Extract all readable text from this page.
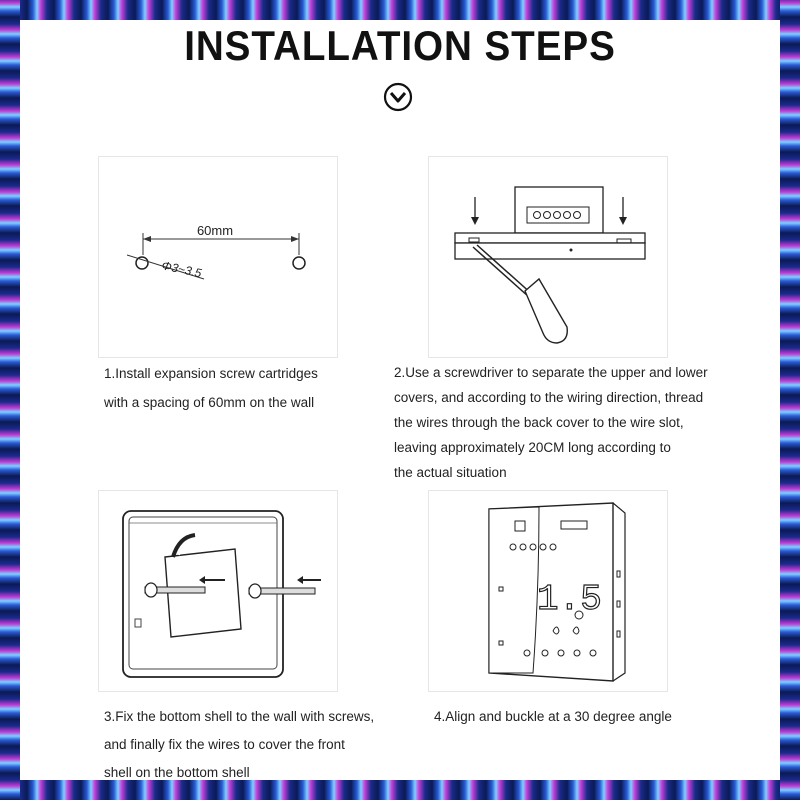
INSTALLATION STEPS
60mm
Φ3~3.5
1.5
1.Install expansion screw cartridges
with a spacing of 60mm on the wall
2.Use a screwdriver to separate the upper and lower
covers, and according to the wiring direction, thread
the wires through the back cover to the wire slot,
leaving approximately 20CM long according to
the actual situation
3.Fix the bottom shell to the wall with screws,
and finally fix the wires to cover the front
shell on the bottom shell
4.Align and buckle at a 30 degree angle
